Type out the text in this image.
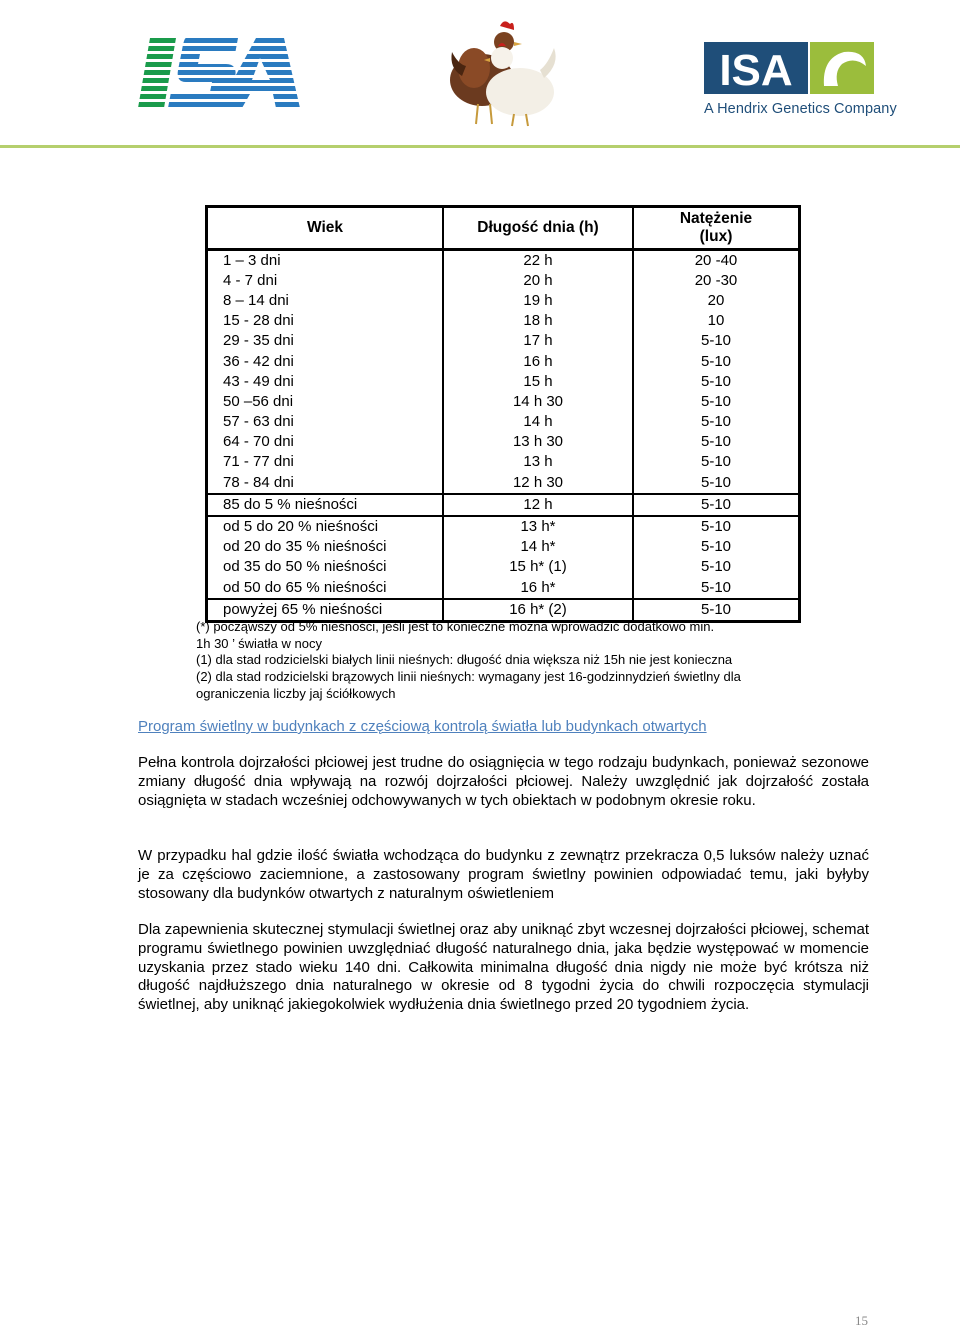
ISA
A Hendrix Genetics Company
Wiek	Długość dnia (h)	Natężenie
(lux)

1 – 3 dni	22 h	20 -40
4 - 7 dni	20 h	20 -30
8 – 14 dni	19 h	20
15 - 28 dni	18 h	10
29 - 35 dni	17 h	5-10
36 - 42 dni	16 h	5-10
43 - 49 dni	15 h	5-10
50 –56 dni	14 h 30	5-10
57 - 63 dni	14 h	5-10
64 - 70 dni	13 h 30	5-10
71 - 77 dni	13 h	5-10
78 - 84 dni	12 h 30	5-10
85 do 5 % nieśności	12 h	5-10
od 5 do 20 % nieśności	13 h*	5-10
od 20 do 35 % nieśności	14 h*	5-10
od 35 do 50 % nieśności	15 h* (1)	5-10
od 50 do 65 % nieśności	16 h*	5-10
powyżej 65 % nieśności	16 h* (2)	5-10
(*) począwszy od 5% nieśności, jeśli jest to konieczne można wprowadzić dodatkowo min.
1h 30 ’ światła w nocy
(1) dla stad rodzicielski białych linii nieśnych: długość dnia większa niż 15h nie jest konieczna
(2) dla stad rodzicielski brązowych linii nieśnych: wymagany jest 16-godzinnydzień świetlny dla
ograniczenia liczby jaj ściółkowych
Program świetlny w budynkach z częściową kontrolą światła lub budynkach otwartych
Pełna kontrola dojrzałości płciowej jest trudne do osiągnięcia w tego rodzaju budynkach, ponieważ sezonowe zmiany długość dnia wpływają na rozwój dojrzałości płciowej. Należy uwzględnić jak dojrzałość została osiągnięta w stadach wcześniej odchowywanych w tych obiektach w podobnym okresie roku.
W przypadku hal gdzie ilość światła wchodząca do budynku z zewnątrz przekracza 0,5 luksów należy uznać je za częściowo zaciemnione, a zastosowany program świetlny powinien odpowiadać temu, jaki byłyby stosowany dla budynków otwartych z naturalnym oświetleniem
Dla zapewnienia skutecznej stymulacji świetlnej oraz aby uniknąć zbyt wczesnej dojrzałości płciowej, schemat programu świetlnego powinien uwzględniać długość naturalnego dnia, jaka będzie występować w momencie uzyskania przez stado wieku 140 dni. Całkowita minimalna długość dnia nigdy nie może być krótsza niż długość najdłuższego dnia naturalnego w okresie od 8 tygodni życia do chwili rozpoczęcia stymulacji świetlnej, aby uniknąć jakiegokolwiek wydłużenia dnia świetlnego przed 20 tygodniem życia.
15
